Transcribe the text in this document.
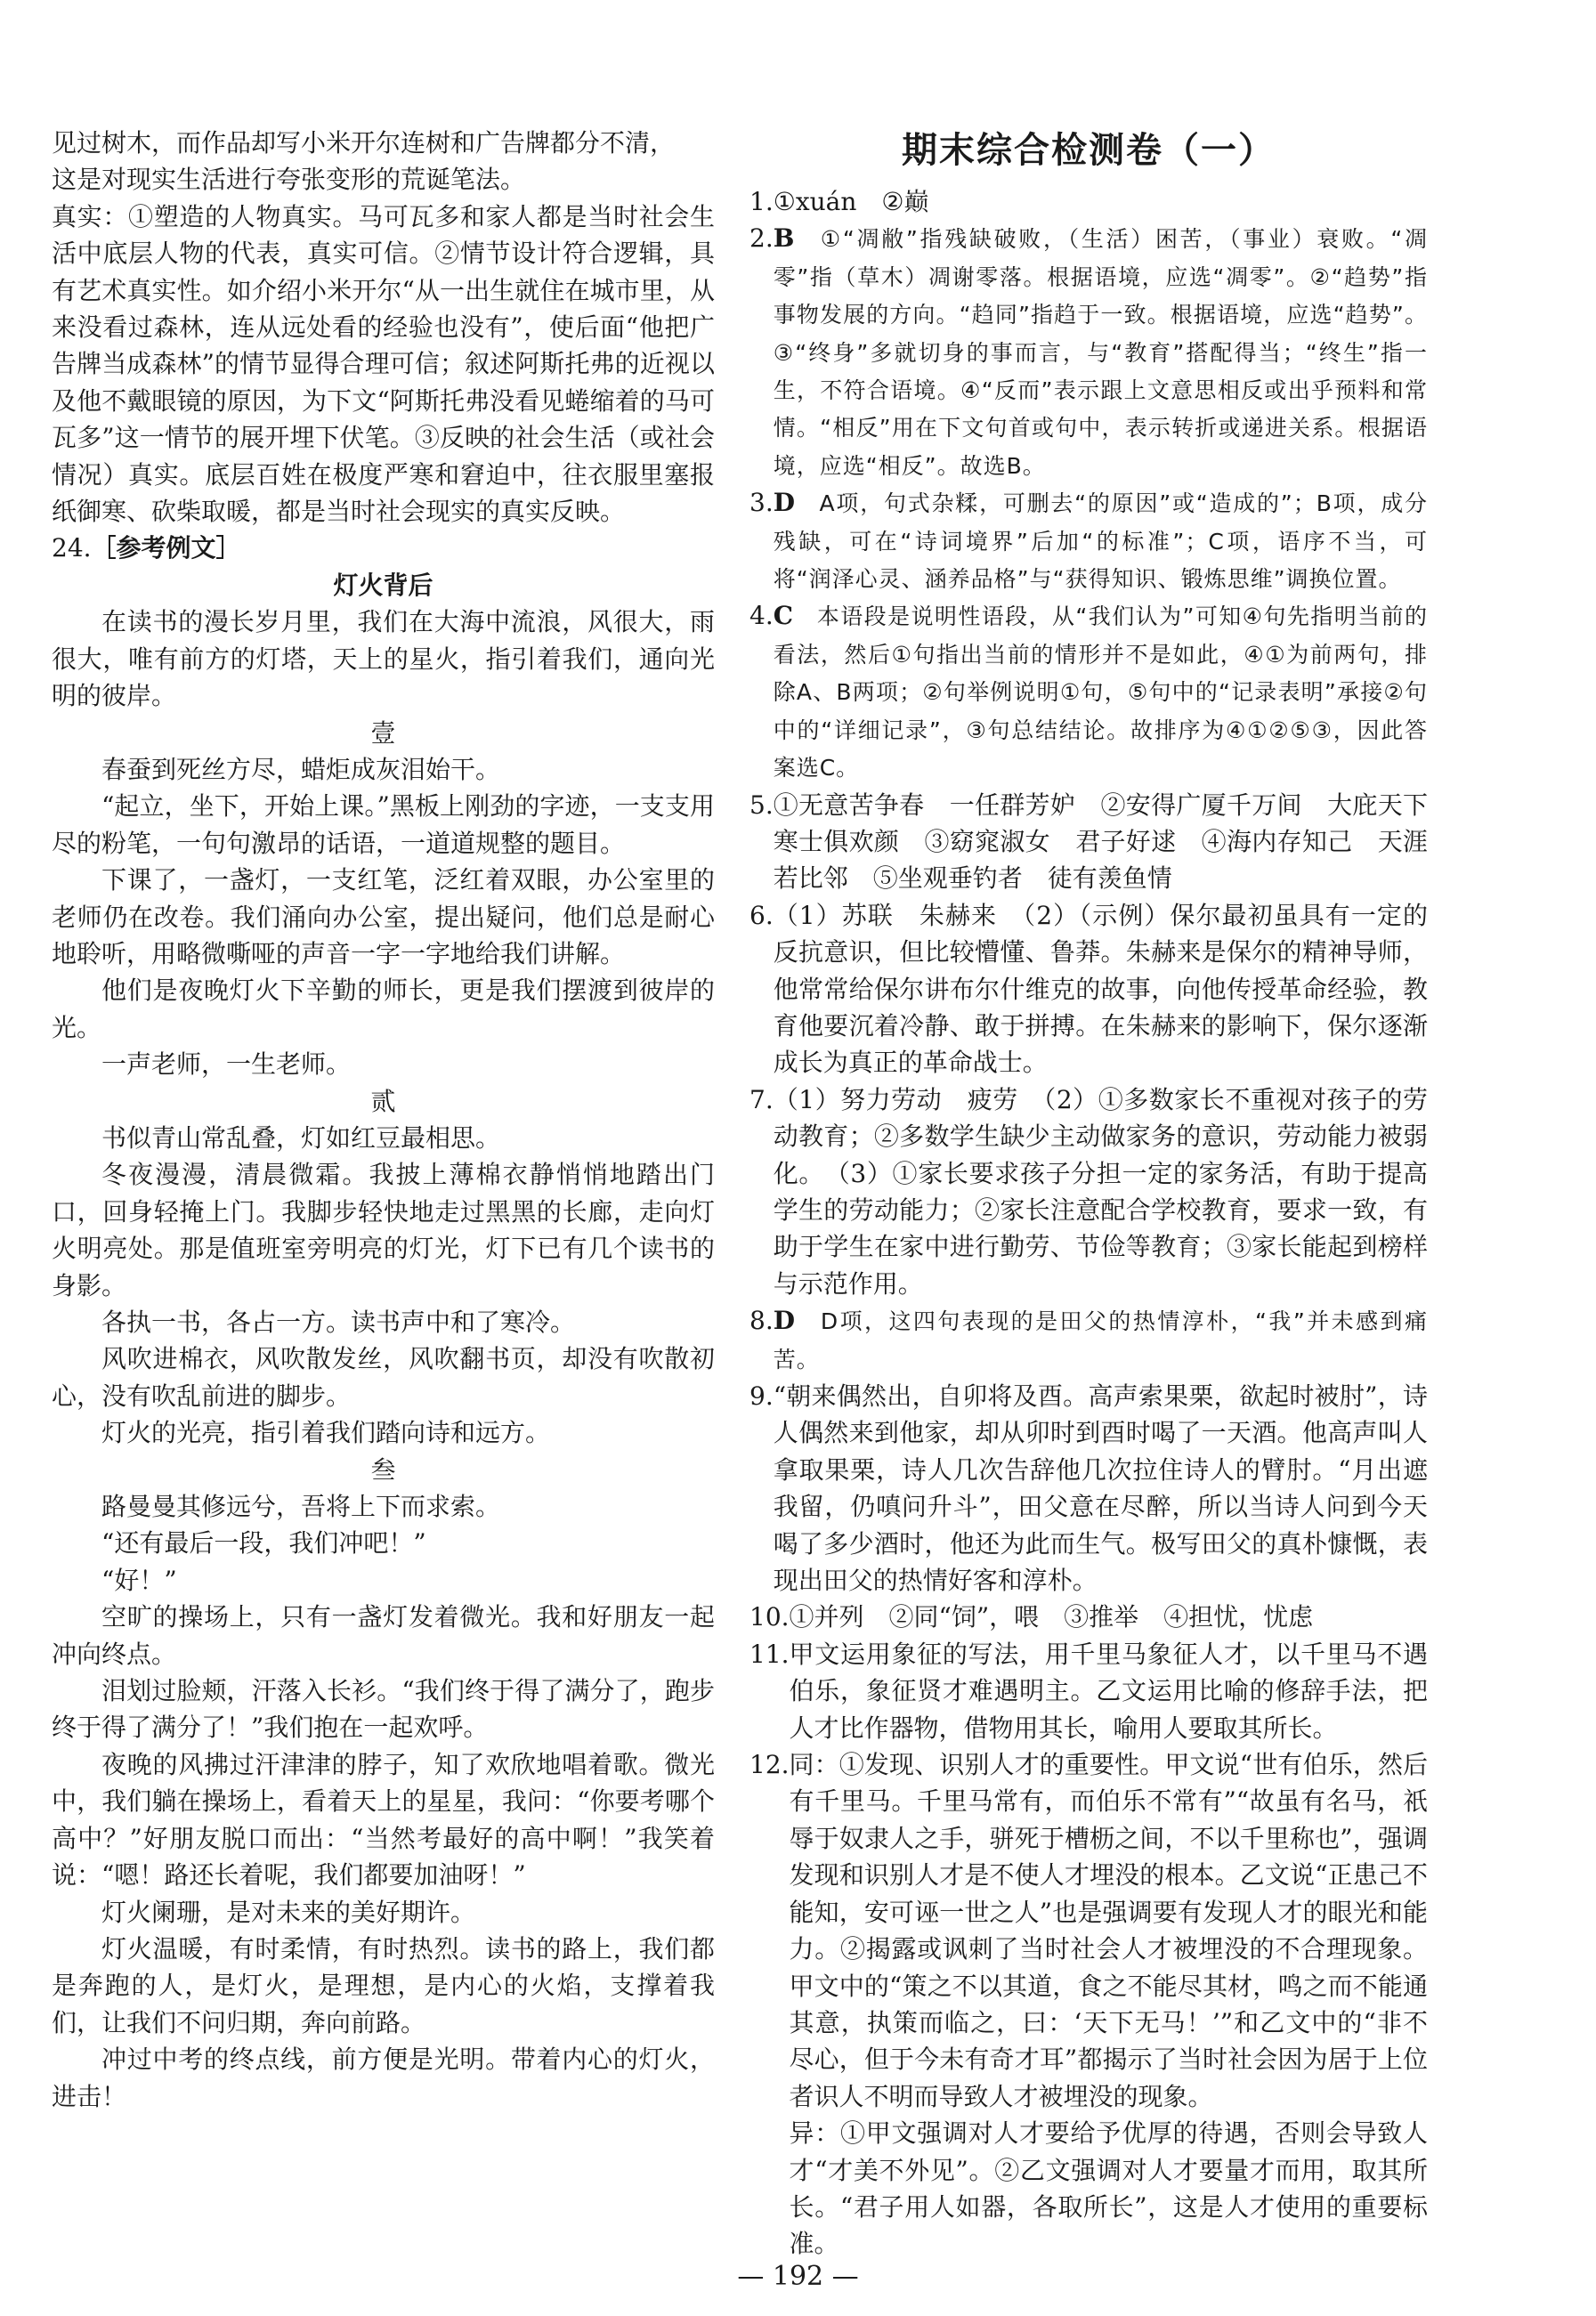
见过树木，而作品却写小米开尔连树和广告牌都分不清，

这是对现实生活进行夸张变形的荒诞笔法。

真实：①塑造的人物真实。马可瓦多和家人都是当时社会生活中底层人物的代表，真实可信。②情节设计符合逻辑，具有艺术真实性。如介绍小米开尔“从一出生就住在城市里，从来没看过森林，连从远处看的经验也没有”，使后面“他把广告牌当成森林”的情节显得合理可信；叙述阿斯托弗的近视以及他不戴眼镜的原因，为下文“阿斯托弗没看见蜷缩着的马可瓦多”这一情节的展开埋下伏笔。③反映的社会生活（或社会情况）真实。底层百姓在极度严寒和窘迫中，往衣服里塞报纸御寒、砍柴取暖，都是当时社会现实的真实反映。

24. ［参考例文］

灯火背后

在读书的漫长岁月里，我们在大海中流浪，风很大，雨很大，唯有前方的灯塔，天上的星火，指引着我们，通向光明的彼岸。

壹

春蚕到死丝方尽，蜡炬成灰泪始干。

“起立，坐下，开始上课。”黑板上刚劲的字迹，一支支用尽的粉笔，一句句激昂的话语，一道道规整的题目。

下课了，一盏灯，一支红笔，泛红着双眼，办公室里的老师仍在改卷。我们涌向办公室，提出疑问，他们总是耐心地聆听，用略微嘶哑的声音一字一字地给我们讲解。

他们是夜晚灯火下辛勤的师长，更是我们摆渡到彼岸的光。

一声老师，一生老师。

贰

书似青山常乱叠，灯如红豆最相思。

冬夜漫漫，清晨微霜。我披上薄棉衣静悄悄地踏出门口，回身轻掩上门。我脚步轻快地走过黑黑的长廊，走向灯火明亮处。那是值班室旁明亮的灯光，灯下已有几个读书的身影。

各执一书，各占一方。读书声中和了寒冷。

风吹进棉衣，风吹散发丝，风吹翻书页，却没有吹散初心，没有吹乱前进的脚步。

灯火的光亮，指引着我们踏向诗和远方。

叁

路曼曼其修远兮，吾将上下而求索。

“还有最后一段，我们冲吧！”

“好！”

空旷的操场上，只有一盏灯发着微光。我和好朋友一起冲向终点。

泪划过脸颊，汗落入长衫。“我们终于得了满分了，跑步终于得了满分了！”我们抱在一起欢呼。

夜晚的风拂过汗津津的脖子，知了欢欣地唱着歌。微光中，我们躺在操场上，看着天上的星星，我问：“你要考哪个高中？”好朋友脱口而出：“当然考最好的高中啊！”我笑着说：“嗯！路还长着呢，我们都要加油呀！”

灯火阑珊，是对未来的美好期许。

灯火温暖，有时柔情，有时热烈。读书的路上，我们都是奔跑的人，是灯火，是理想，是内心的火焰，支撑着我们，让我们不问归期，奔向前路。

冲过中考的终点线，前方便是光明。带着内心的灯火，进击！

期末综合检测卷（一）
1. ①xuán　②巅
2. B　①“凋敝”指残缺破败，（生活）困苦，（事业）衰败。“凋零”指（草木）凋谢零落。根据语境，应选“凋零”。②“趋势”指事物发展的方向。“趋同”指趋于一致。根据语境，应选“趋势”。③“终身”多就切身的事而言，与“教育”搭配得当；“终生”指一生，不符合语境。④“反而”表示跟上文意思相反或出乎预料和常情。“相反”用在下文句首或句中，表示转折或递进关系。根据语境，应选“相反”。故选B。
3. D　A项，句式杂糅，可删去“的原因”或“造成的”；B项，成分残缺，可在“诗词境界”后加“的标准”；C项，语序不当，可将“润泽心灵、涵养品格”与“获得知识、锻炼思维”调换位置。
4. C　本语段是说明性语段，从“我们认为”可知④句先指明当前的看法，然后①句指出当前的情形并不是如此，④①为前两句，排除A、B两项；②句举例说明①句，⑤句中的“记录表明”承接②句中的“详细记录”，③句总结结论。故排序为④①②⑤③，因此答案选C。
5. ①无意苦争春　一任群芳妒　②安得广厦千万间　大庇天下寒士俱欢颜　③窈窕淑女　君子好逑　④海内存知己　天涯若比邻　⑤坐观垂钓者　徒有羡鱼情
6. （1）苏联　朱赫来　（2）（示例）保尔最初虽具有一定的反抗意识，但比较懵懂、鲁莽。朱赫来是保尔的精神导师，他常常给保尔讲布尔什维克的故事，向他传授革命经验，教育他要沉着冷静、敢于拼搏。在朱赫来的影响下，保尔逐渐成长为真正的革命战士。
7. （1）努力劳动　疲劳　（2）①多数家长不重视对孩子的劳动教育；②多数学生缺少主动做家务的意识，劳动能力被弱化。　（3）①家长要求孩子分担一定的家务活，有助于提高学生的劳动能力；②家长注意配合学校教育，要求一致，有助于学生在家中进行勤劳、节俭等教育；③家长能起到榜样与示范作用。
8. D　D项，这四句表现的是田父的热情淳朴，“我”并未感到痛苦。
9. “朝来偶然出，自卯将及酉。高声索果栗，欲起时被肘”，诗人偶然来到他家，却从卯时到酉时喝了一天酒。他高声叫人拿取果栗，诗人几次告辞他几次拉住诗人的臂肘。“月出遮我留，仍嗔问升斗”，田父意在尽醉，所以当诗人问到今天喝了多少酒时，他还为此而生气。极写田父的真朴慷慨，表现出田父的热情好客和淳朴。
10. ①并列　②同“饲”，喂　③推举　④担忧，忧虑
11. 甲文运用象征的写法，用千里马象征人才，以千里马不遇伯乐，象征贤才难遇明主。乙文运用比喻的修辞手法，把人才比作器物，借物用其长，喻用人要取其所长。
12. 同：①发现、识别人才的重要性。甲文说“世有伯乐，然后有千里马。千里马常有，而伯乐不常有”“故虽有名马，祇辱于奴隶人之手，骈死于槽枥之间，不以千里称也”，强调发现和识别人才是不使人才埋没的根本。乙文说“正患己不能知，安可诬一世之人”也是强调要有发现人才的眼光和能力。②揭露或讽刺了当时社会人才被埋没的不合理现象。甲文中的“策之不以其道，食之不能尽其材，鸣之而不能通其意，执策而临之，曰：‘天下无马！’”和乙文中的“非不尽心，但于今未有奇才耳”都揭示了当时社会因为居于上位者识人不明而导致人才被埋没的现象。
异：①甲文强调对人才要给予优厚的待遇，否则会导致人才“才美不外见”。②乙文强调对人才要量才而用，取其所长。“君子用人如器，各取所长”，这是人才使用的重要标准。
— 192 —
